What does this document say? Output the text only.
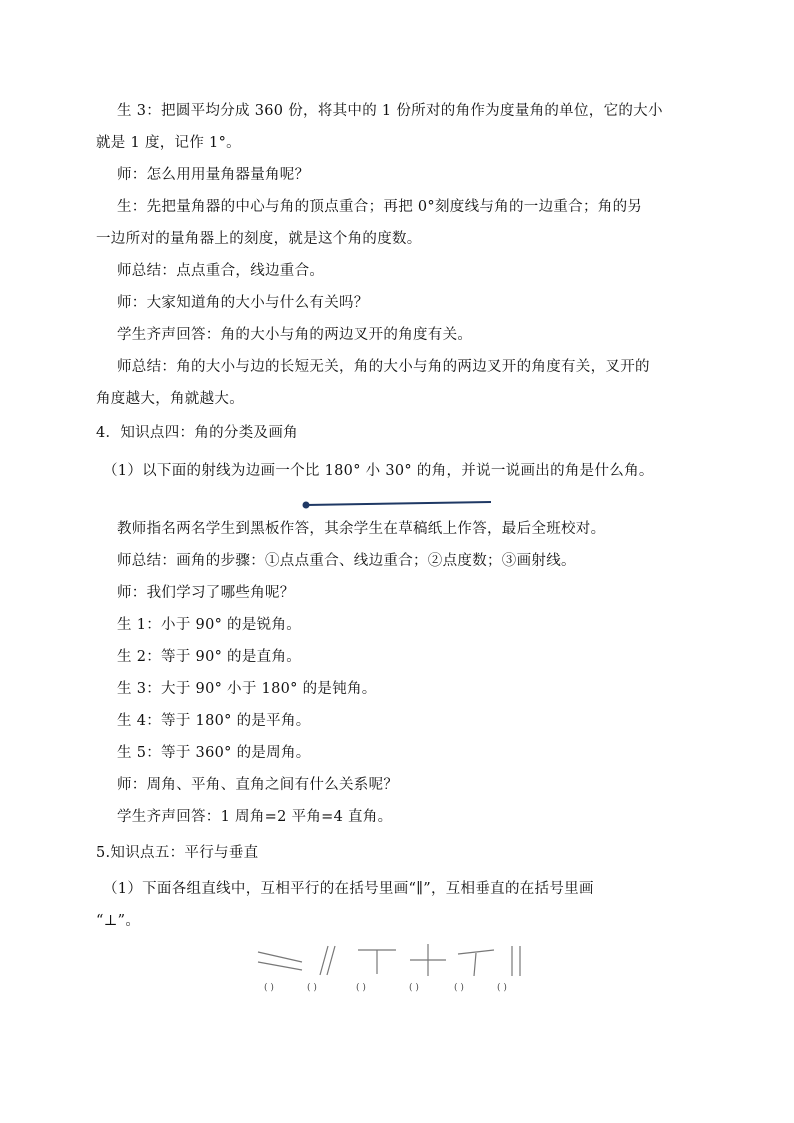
生 3：把圆平均分成 360 份，将其中的 1 份所对的角作为度量角的单位，它的大小
就是 1 度，记作 1°。
师：怎么用用量角器量角呢？
生：先把量角器的中心与角的顶点重合；再把 0°刻度线与角的一边重合；角的另
一边所对的量角器上的刻度，就是这个角的度数。
师总结：点点重合，线边重合。
师：大家知道角的大小与什么有关吗？
学生齐声回答：角的大小与角的两边叉开的角度有关。
师总结：角的大小与边的长短无关，角的大小与角的两边叉开的角度有关，叉开的
角度越大，角就越大。
4．知识点四：角的分类及画角
（1）以下面的射线为边画一个比 180° 小 30° 的角，并说一说画出的角是什么角。
教师指名两名学生到黑板作答，其余学生在草稿纸上作答，最后全班校对。
师总结：画角的步骤：①点点重合、线边重合；②点度数；③画射线。
师：我们学习了哪些角呢？
生 1：小于 90° 的是锐角。
生 2：等于 90° 的是直角。
生 3：大于 90° 小于 180° 的是钝角。
生 4：等于 180° 的是平角。
生 5：等于 360° 的是周角。
师：周角、平角、直角之间有什么关系呢？
学生齐声回答：1 周角=2 平角=4 直角。
5.知识点五：平行与垂直
（1）下面各组直线中，互相平行的在括号里画“∥”，互相垂直的在括号里画
“⊥”。
( )	( )	( )	( )	( )	( )
